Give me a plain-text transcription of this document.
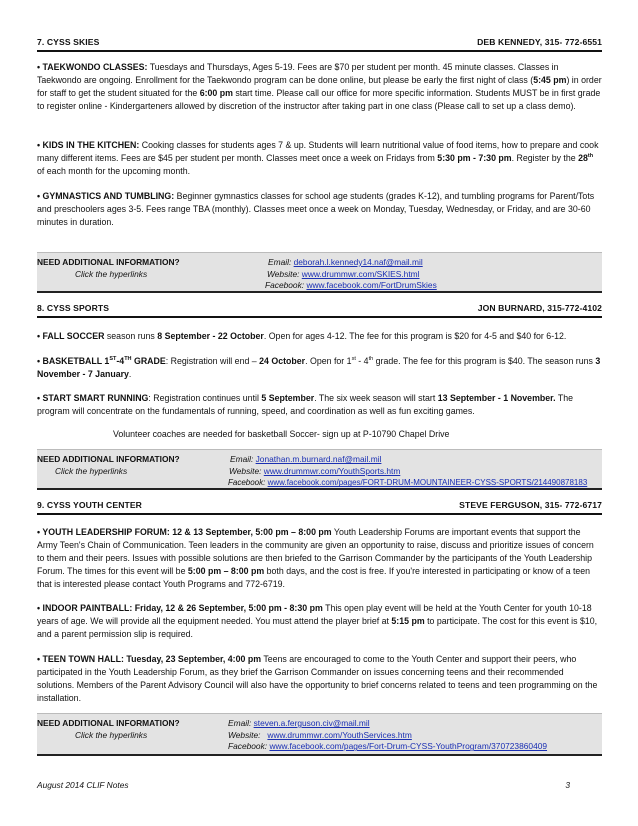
7. CYSS SKIES	DEB KENNEDY, 315- 772-6551

• TAEKWONDO CLASSES: Tuesdays and Thursdays, Ages 5-19. Fees are $70 per student per month. 45 minute classes. Classes in Taekwondo are ongoing. Enrollment for the Taekwondo program can be done online, but please be early the first night of class (5:45 pm) in order for staff to get the student situated for the 6:00 pm start time. Please call our office for more specific information. Students MUST be in first grade to register online - Kindergarteners allowed by discretion of the instructor after taking part in one class (Please call to set up a class demo).

• KIDS IN THE KITCHEN: Cooking classes for students ages 7 & up. Students will learn nutritional value of food items, how to prepare and cook many different items. Fees are $45 per student per month. Classes meet once a week on Fridays from 5:30 pm - 7:30 pm. Register by the 28th of each month for the upcoming month.

• GYMNASTICS AND TUMBLING: Beginner gymnastics classes for school age students (grades K-12), and tumbling programs for Parent/Tots and preschoolers ages 3-5. Fees range TBA (monthly). Classes meet once a week on Monday, Tuesday, Wednesday, or Friday, and are 30-60 minutes in duration.

NEED ADDITIONAL INFORMATION?
Click the hyperlinks
Email: deborah.l.kennedy14.naf@mail.mil
Website: www.drummwr.com/SKIES.html
Facebook: www.facebook.com/FortDrumSkies
8. CYSS SPORTS	JON BURNARD, 315-772-4102

• FALL SOCCER season runs 8 September - 22 October. Open for ages 4-12. The fee for this program is $20 for 4-5 and $40 for 6-12.

• BASKETBALL 1ST-4TH GRADE: Registration will end – 24 October. Open for 1st - 4th grade. The fee for this program is $40. The season runs 3 November - 7 January.

• START SMART RUNNING: Registration continues until 5 September. The six week season will start 13 September - 1 November. The program will concentrate on the fundamentals of running, speed, and coordination as well as fun exciting games.

Volunteer coaches are needed for basketball Soccer- sign up at P-10790 Chapel Drive
NEED ADDITIONAL INFORMATION?
Click the hyperlinks
Email: Jonathan.m.burnard.naf@mail.mil
Website: www.drummwr.com/YouthSports.htm
Facebook: www.facebook.com/pages/FORT-DRUM-MOUNTAINEER-CYSS-SPORTS/214490878183
9. CYSS YOUTH CENTER	STEVE FERGUSON, 315- 772-6717

• YOUTH LEADERSHIP FORUM: 12 & 13 September, 5:00 pm – 8:00 pm Youth Leadership Forums are important events that support the Army Teen's Chain of Communication. Teen leaders in the community are given an opportunity to raise, discuss and prioritize issues of concern to them and their peers. Issues with possible solutions are then briefed to the Garrison Commander by the participants of the Youth Leadership Forum. The times for this event will be 5:00 pm – 8:00 pm both days, and the cost is free. If you're interested in participating or know of a teen that is interested please contact Youth Programs and 772-6719.

• INDOOR PAINTBALL: Friday, 12 & 26 September, 5:00 pm - 8:30 pm This open play event will be held at the Youth Center for youth 10-18 years of age. We will provide all the equipment needed. You must attend the player brief at 5:15 pm to participate. The cost for this event is $10, and a parent permission slip is required.

• TEEN TOWN HALL: Tuesday, 23 September, 4:00 pm Teens are encouraged to come to the Youth Center and support their peers, who participated in the Youth Leadership Forum, as they brief the Garrison Commander on issues concerning teens and their recommended solutions. Members of the Parent Advisory Council will also have the opportunity to brief concerns related to teens and teen programming on the installation.

NEED ADDITIONAL INFORMATION?
Click the hyperlinks
Email: steven.a.ferguson.civ@mail.mil
Website: www.drummwr.com/YouthServices.htm
Facebook: www.facebook.com/pages/Fort-Drum-CYSS-YouthProgram/370723860409
August 2014 CLIF Notes	3
